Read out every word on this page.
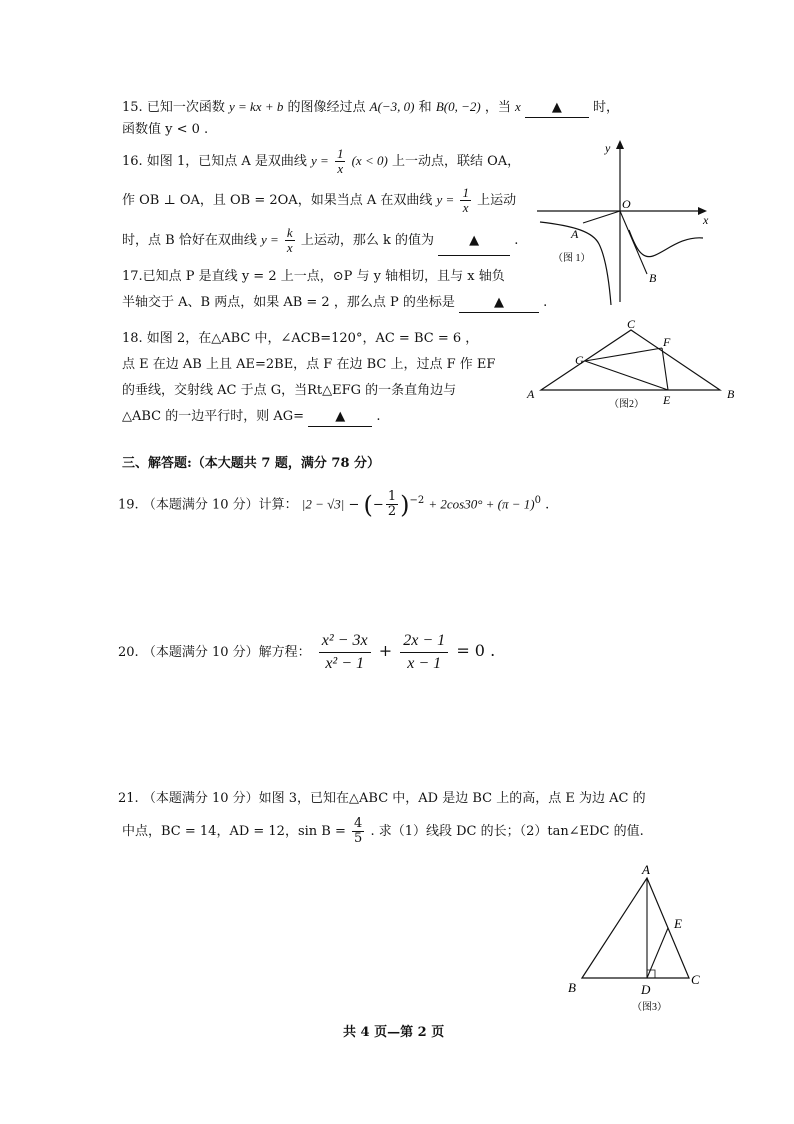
15. 已知一次函数 y = kx + b 的图像经过点 A(−3, 0) 和 B(0, −2) ，当 x ▲ 时，
函数值 y < 0 .
16. 如图 1，已知点 A 是双曲线 $y = \frac{1}{x} (x < 0)$ 上一动点，联结 OA，
作 OB ⊥ OA，且 OB = 2OA，如果当点 A 在双曲线 $y = \frac{1}{x}$ 上运动
时，点 B 恰好在双曲线 $y = \frac{k}{x}$ 上运动，那么 k 的值为	▲	.
17.已知点 P 是直线 y = 2 上一点，⊙P 与 y 轴相切，且与 x 轴负
半轴交于 A、B 两点，如果 AB = 2 ，那么点 P 的坐标是	▲	.
18. 如图 2，在△ABC 中，∠ACB=120°，AC = BC = 6 ，
点 E 在边 AB 上且 AE=2BE，点 F 在边 BC 上，过点 F 作 EF
的垂线，交射线 AC 于点 G，当Rt△EFG 的一条直角边与
△ABC 的一边平行时，则 AG= ▲ .
三、解答题:（本大题共 7 题，满分 78 分）
19. （本题满分 10 分）计算： |2 − √3| − (− $\frac{1}{2} )^{-2} + 2\cos 30^\circ + (\pi - 1)^0$ .
20. （本题满分 10 分）解方程： $\frac{\text{x² − 3x}}{\text{x² − 1}} + \frac{2x - 1}{x - 1} = 0$ .
21. （本题满分 10 分）如图 3，已知在△ABC 中，AD 是边 BC 上的高，点 E 为边 AC 的
中点，BC = 14，AD = 12，$\sin B = \frac{4}{5}$ . 求（1）线段 DC 的长；（2）tan∠EDC 的值.
y
x
O
A
B
（图 1）
A	B
C
F
G
E
（图2）
A
B
C
D
E
（图3）
共 4 页—第 2 页
